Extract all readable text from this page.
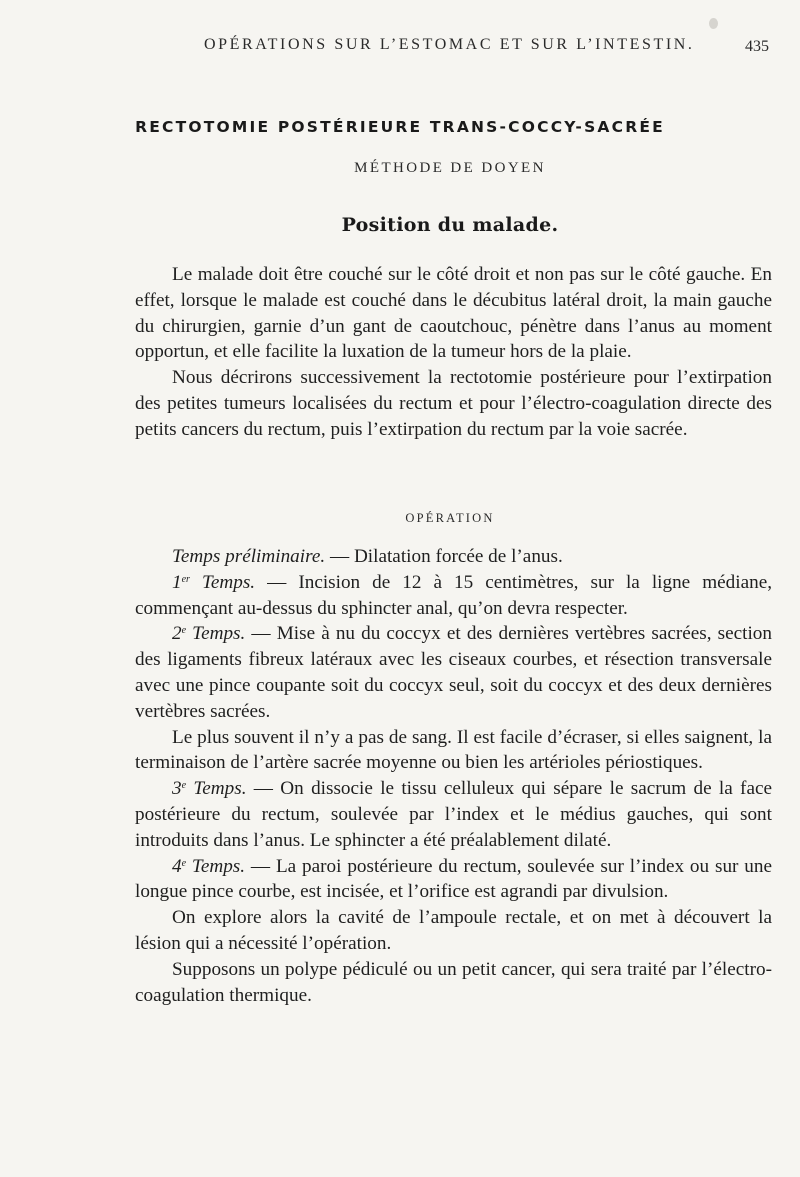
OPÉRATIONS SUR L’ESTOMAC ET SUR L’INTESTIN.	435
RECTOTOMIE POSTÉRIEURE TRANS-COCCY-SACRÉE
MÉTHODE DE DOYEN
Position du malade.

Le malade doit être couché sur le côté droit et non pas sur le côté gauche. En effet, lorsque le malade est couché dans le décubitus latéral droit, la main gauche du chirurgien, garnie d’un gant de caoutchouc, pénètre dans l’anus au moment opportun, et elle facilite la luxation de la tumeur hors de la plaie.

Nous décrirons successivement la rectotomie postérieure pour l’extirpation des petites tumeurs localisées du rectum et pour l’électro-coagulation directe des petits cancers du rectum, puis l’extirpation du rectum par la voie sacrée.

OPÉRATION

Temps préliminaire. — Dilatation forcée de l’anus.

1er Temps. — Incision de 12 à 15 centimètres, sur la ligne médiane, commençant au-dessus du sphincter anal, qu’on devra respecter.

2e Temps. — Mise à nu du coccyx et des dernières vertèbres sacrées, section des ligaments fibreux latéraux avec les ciseaux courbes, et résection transversale avec une pince coupante soit du coccyx seul, soit du coccyx et des deux dernières vertèbres sacrées.

Le plus souvent il n’y a pas de sang. Il est facile d’écraser, si elles saignent, la terminaison de l’artère sacrée moyenne ou bien les artérioles périostiques.

3e Temps. — On dissocie le tissu celluleux qui sépare le sacrum de la face postérieure du rectum, soulevée par l’index et le médius gauches, qui sont introduits dans l’anus. Le sphincter a été préalablement dilaté.

4e Temps. — La paroi postérieure du rectum, soulevée sur l’index ou sur une longue pince courbe, est incisée, et l’orifice est agrandi par divulsion.

On explore alors la cavité de l’ampoule rectale, et on met à découvert la lésion qui a nécessité l’opération.

Supposons un polype pédiculé ou un petit cancer, qui sera traité par l’électro-coagulation thermique.
